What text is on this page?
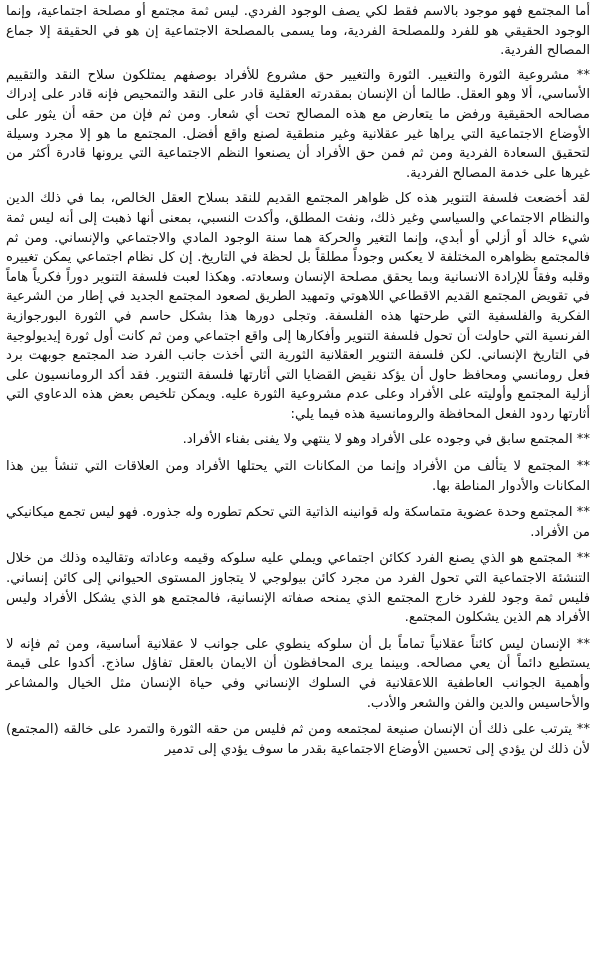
أما المجتمع فهو موجود بالاسم فقط لكي يصف الوجود الفردي. ليس ثمة مجتمع أو مصلحة اجتماعية، وإنما الوجود الحقيقي هو للفرد وللمصلحة الفردية، وما يسمى بالمصلحة الاجتماعية إن هو في الحقيقة إلا جماع المصالح الفردية.

** مشروعية الثورة والتغيير. الثورة والتغيير حق مشروع للأفراد بوصفهم يمتلكون سلاح النقد والتقييم الأساسي، ألا وهو العقل. طالما أن الإنسان بمقدرته العقلية قادر على النقد والتمحيص فإنه قادر على إدراك مصالحه الحقيقية ورفض ما يتعارض مع هذه المصالح تحت أي شعار. ومن ثم فإن من حقه أن يثور على الأوضاع الاجتماعية التي يراها غير عقلانية وغير منطقية لصنع واقع أفضل. المجتمع ما هو إلا مجرد وسيلة لتحقيق السعادة الفردية ومن ثم فمن حق الأفراد أن يصنعوا النظم الاجتماعية التي يرونها قادرة أكثر من غيرها على خدمة المصالح الفردية.

لقد أخضعت فلسفة التنوير هذه كل ظواهر المجتمع القديم للنقد بسلاح العقل الخالص، بما في ذلك الدين والنظام الاجتماعي والسياسي وغير ذلك، ونفت المطلق، وأكدت النسبي، بمعنى أنها ذهبت إلى أنه ليس ثمة شيء خالد أو أزلي أو أبدي، وإنما التغير والحركة هما سنة الوجود المادي والاجتماعي والإنساني. ومن ثم فالمجتمع بظواهره المختلفة لا يعكس وجوداً مطلقاً بل لحظة في التاريخ. إن كل نظام اجتماعي يمكن تغييره وقلبه وفقاً للإرادة الانسانية وبما يحقق مصلحة الإنسان وسعادته. وهكذا لعبت فلسفة التنوير دوراً فكرياً هاماً في تقويض المجتمع القديم الاقطاعي اللاهوتي وتمهيد الطريق لصعود المجتمع الجديد في إطار من الشرعية الفكرية والفلسفية التي طرحتها هذه الفلسفة. وتجلى دورها هذا بشكل حاسم في الثورة البورجوازية الفرنسية التي حاولت أن تحول فلسفة التنوير وأفكارها إلى واقع اجتماعي ومن ثم كانت أول ثورة إيديولوجية في التاريخ الإنساني. لكن فلسفة التنوير العقلانية الثورية التي أخذت جانب الفرد ضد المجتمع جوبهت برد فعل رومانسي ومحافظ حاول أن يؤكد نقيض القضايا التي أثارتها فلسفة التنوير. فقد أكد الرومانسيون على أزلية المجتمع وأوليته على الأفراد وعلى عدم مشروعية الثورة عليه. ويمكن تلخيص بعض هذه الدعاوي التي أثارتها ردود الفعل المحافظة والرومانسية هذه فيما يلي:

** المجتمع سابق في وجوده على الأفراد وهو لا ينتهي ولا يفنى بفناء الأفراد.

** المجتمع لا يتألف من الأفراد وإنما من المكانات التي يحتلها الأفراد ومن العلاقات التي تنشأ بين هذا المكانات والأدوار المناطة بها.

** المجتمع وحدة عضوية متماسكة وله قوانينه الذاتية التي تحكم تطوره وله جذوره. فهو ليس تجمع ميكانيكي من الأفراد.

** المجتمع هو الذي يصنع الفرد ككائن اجتماعي ويملي عليه سلوكه وقيمه وعاداته وتقاليده وذلك من خلال التنشئة الاجتماعية التي تحول الفرد من مجرد كائن بيولوجي لا يتجاوز المستوى الحيواني إلى كائن إنساني. فليس ثمة وجود للفرد خارج المجتمع الذي يمنحه صفاته الإنسانية، فالمجتمع هو الذي يشكل الأفراد وليس الأفراد هم الذين يشكلون المجتمع.

** الإنسان ليس كائناً عقلانياً تماماً بل أن سلوكه ينطوي على جوانب لا عقلانية أساسية، ومن ثم فإنه لا يستطيع دائماً أن يعي مصالحه. وبينما يرى المحافظون أن الايمان بالعقل تفاؤل ساذج. أكدوا على قيمة وأهمية الجوانب العاطفية اللاعقلانية في السلوك الإنساني وفي حياة الإنسان مثل الخيال والمشاعر والأحاسيس والدين والفن والشعر والأدب.

** يترتب على ذلك أن الإنسان صنيعة لمجتمعه ومن ثم فليس من حقه الثورة والتمرد على خالقه (المجتمع) لأن ذلك لن يؤدي إلى تحسين الأوضاع الاجتماعية بقدر ما سوف يؤدي إلى تدمير
